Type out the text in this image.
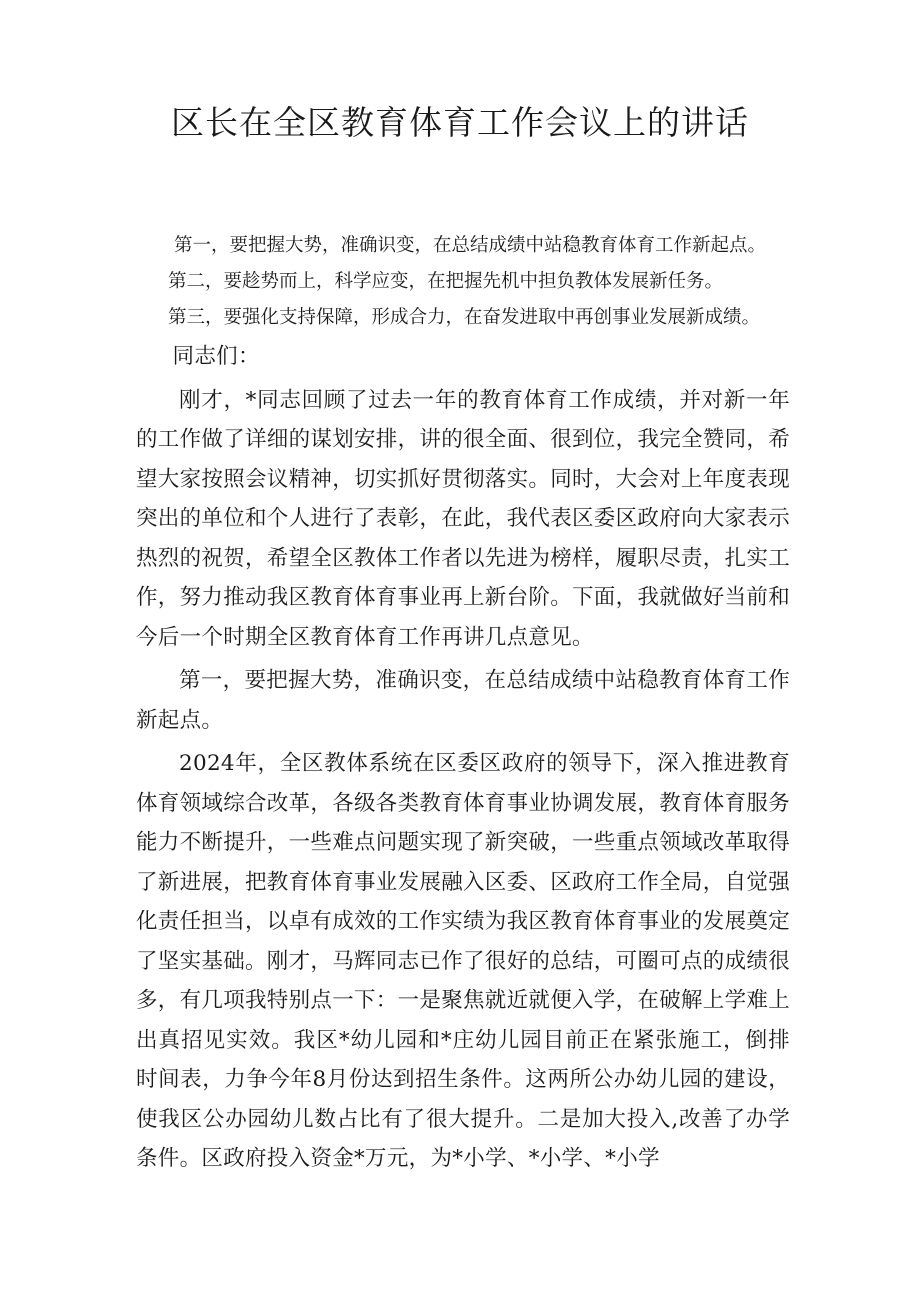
区长在全区教育体育工作会议上的讲话

第一，要把握大势，准确识变，在总结成绩中站稳教育体育工作新起点。

第二，要趁势而上，科学应变，在把握先机中担负教体发展新任务。

第三，要强化支持保障，形成合力，在奋发进取中再创事业发展新成绩。

同志们：

刚才，*同志回顾了过去一年的教育体育工作成绩，并对新一年的工作做了详细的谋划安排，讲的很全面、很到位，我完全赞同，希望大家按照会议精神，切实抓好贯彻落实。同时，大会对上年度表现突出的单位和个人进行了表彰，在此，我代表区委区政府向大家表示热烈的祝贺，希望全区教体工作者以先进为榜样，履职尽责，扎实工作，努力推动我区教育体育事业再上新台阶。下面，我就做好当前和今后一个时期全区教育体育工作再讲几点意见。

第一，要把握大势，准确识变，在总结成绩中站稳教育体育工作新起点。

2024年，全区教体系统在区委区政府的领导下，深入推进教育体育领域综合改革，各级各类教育体育事业协调发展，教育体育服务能力不断提升，一些难点问题实现了新突破，一些重点领域改革取得了新进展，把教育体育事业发展融入区委、区政府工作全局，自觉强化责任担当，以卓有成效的工作实绩为我区教育体育事业的发展奠定了坚实基础。刚才，马辉同志已作了很好的总结，可圈可点的成绩很多，有几项我特别点一下：一是聚焦就近就便入学，在破解上学难上出真招见实效。我区*幼儿园和*庄幼儿园目前正在紧张施工，倒排时间表，力争今年8月份达到招生条件。这两所公办幼儿园的建设，使我区公办园幼儿数占比有了很大提升。二是加大投入,改善了办学条件。区政府投入资金*万元，为*小学、*小学、*小学
